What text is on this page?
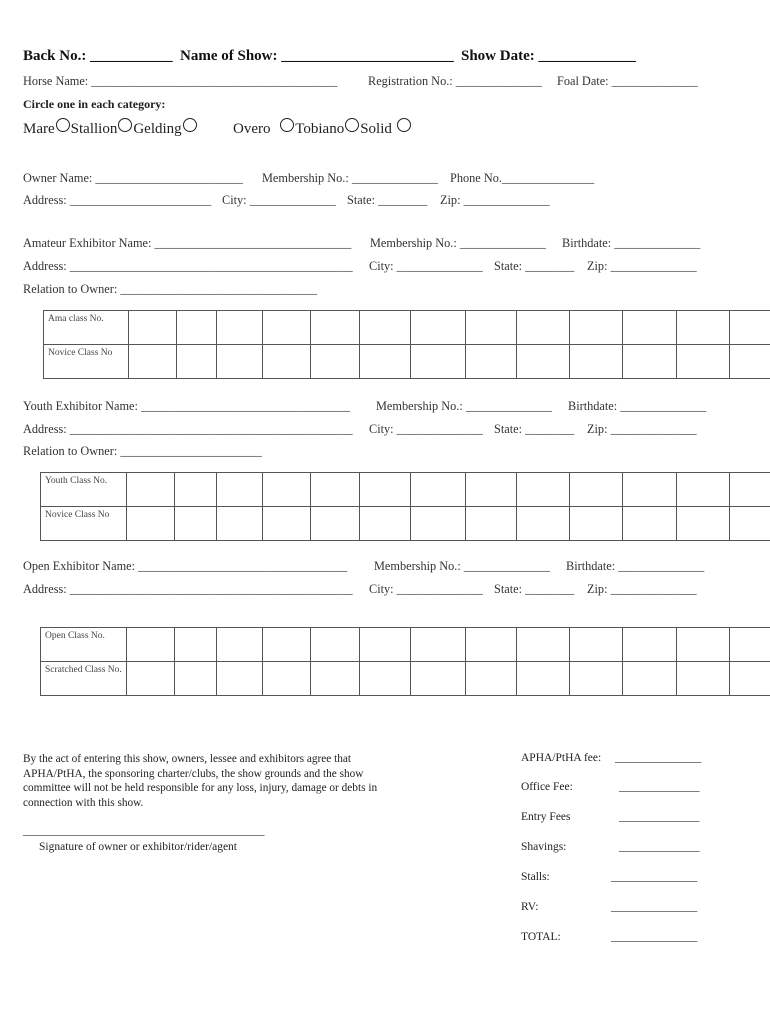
Back No.: ___________ Name of Show: _______________________ Show Date: _____________
Horse Name: ________________________________________	Registration No.: ______________ Foal Date: ______________
Circle one in each category:
Mare Stallion Gelding	Overo Tobiano Solid
Owner Name: ________________________ Membership No.: ______________ Phone No._______________
Address: _______________________ City: ______________ State: ________ Zip: ______________
Amateur Exhibitor Name: ________________________________ Membership No.: ______________ Birthdate: ______________
Address: ______________________________________________ City: ______________ State: ________ Zip: ______________
Relation to Owner: ________________________________
Ama class No.													
Novice Class No													
Youth Exhibitor Name: __________________________________ Membership No.: ______________ Birthdate: ______________
Address: ______________________________________________ City: ______________ State: ________ Zip: ______________
Relation to Owner: _______________________
Youth Class No.													
Novice Class No													
Open Exhibitor Name: __________________________________ Membership No.: ______________ Birthdate: ______________
Address: ______________________________________________ City: ______________ State: ________ Zip: ______________
Open Class No.													
Scratched Class No.													
By the act of entering this show, owners, lessee and exhibitors agree that APHA/PtHA, the sponsoring charter/clubs, the show grounds and the show committee will not be held responsible for any loss, injury, damage or debts in connection with this show.
__________________________________________
Signature of owner or exhibitor/rider/agent
APHA/PtHA fee: _______________
Office Fee:	______________
Entry Fees	______________
Shavings:	______________
Stalls:	_______________
RV:	_______________
TOTAL:	_______________
